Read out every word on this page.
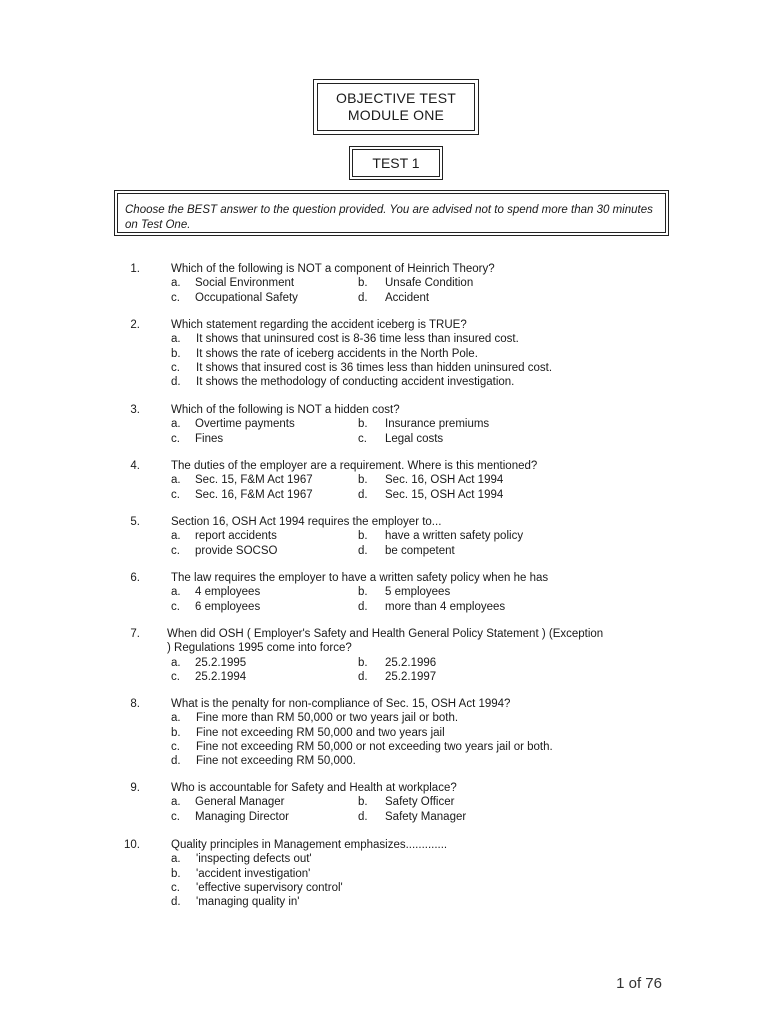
OBJECTIVE TEST
MODULE ONE
TEST 1
Choose the BEST answer to the question provided. You are advised not to spend more than 30 minutes on Test One.
1.	Which of the following is NOT a component of Heinrich Theory?
a. Social Environment	b. Unsafe Condition
c. Occupational Safety	d. Accident
2.	Which statement regarding the accident iceberg is TRUE?
a. It shows that uninsured cost is 8-36 time less than insured cost.
b. It shows the rate of iceberg accidents in the North Pole.
c. It shows that insured cost is 36 times less than hidden uninsured cost.
d. It shows the methodology of conducting accident investigation.
3.	Which of the following is NOT a hidden cost?
a. Overtime payments	b. Insurance premiums
c. Fines	c. Legal costs
4.	The duties of the employer are a requirement. Where is this mentioned?
a. Sec. 15, F&M Act 1967	b. Sec. 16, OSH Act 1994
c. Sec. 16, F&M Act 1967	d. Sec. 15, OSH Act 1994
5.	Section 16, OSH Act 1994 requires the employer to...
a. report accidents	b. have a written safety policy
c. provide SOCSO	d. be competent
6.	The law requires the employer to have a written safety policy when he has
a. 4 employees	b. 5 employees
c. 6 employees	d. more than 4 employees
7. When did OSH ( Employer's Safety and Health General Policy Statement ) (Exception ) Regulations 1995 come into force?
a. 25.2.1995	b. 25.2.1996
c. 25.2.1994	d. 25.2.1997
8.	What is the penalty for non-compliance of Sec. 15, OSH Act 1994?
a. Fine more than RM 50,000 or two years jail or both.
b. Fine not exceeding RM 50,000 and two years jail
c. Fine not exceeding RM 50,000 or not exceeding two years jail or both.
d. Fine not exceeding RM 50,000.
9.	Who is accountable for Safety and Health at workplace?
a. General Manager	b. Safety Officer
c. Managing Director	d. Safety Manager
10.	Quality principles in Management emphasizes.............
a. 'inspecting defects out'
b. 'accident investigation'
c. 'effective supervisory control'
d. 'managing quality in'
1 of 76
